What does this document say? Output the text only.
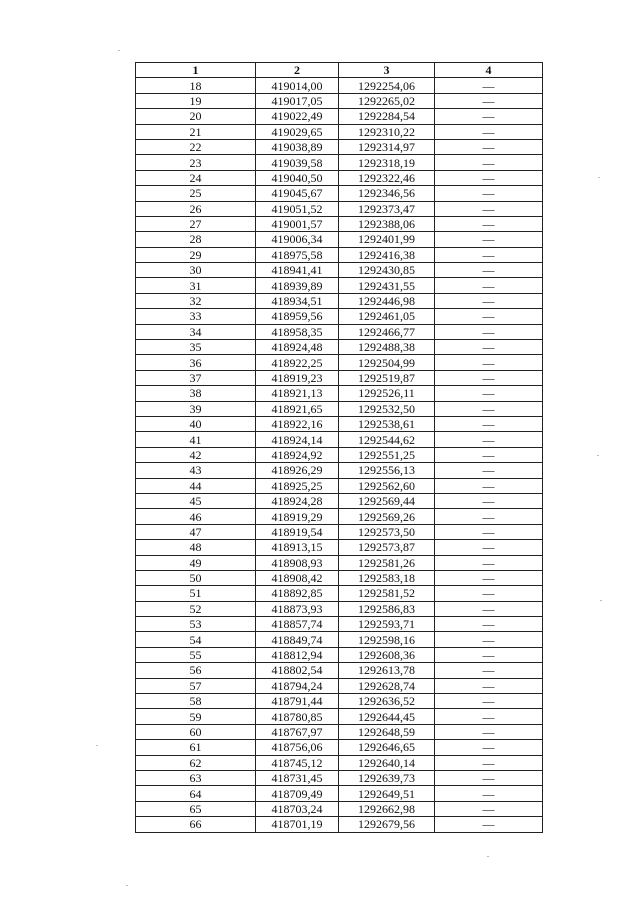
1	2	3	4
18	419014,00	1292254,06	—
19	419017,05	1292265,02	—
20	419022,49	1292284,54	—
21	419029,65	1292310,22	—
22	419038,89	1292314,97	—
23	419039,58	1292318,19	—
24	419040,50	1292322,46	—
25	419045,67	1292346,56	—
26	419051,52	1292373,47	—
27	419001,57	1292388,06	—
28	419006,34	1292401,99	—
29	418975,58	1292416,38	—
30	418941,41	1292430,85	—
31	418939,89	1292431,55	—
32	418934,51	1292446,98	—
33	418959,56	1292461,05	—
34	418958,35	1292466,77	—
35	418924,48	1292488,38	—
36	418922,25	1292504,99	—
37	418919,23	1292519,87	—
38	418921,13	1292526,11	—
39	418921,65	1292532,50	—
40	418922,16	1292538,61	—
41	418924,14	1292544,62	—
42	418924,92	1292551,25	—
43	418926,29	1292556,13	—
44	418925,25	1292562,60	—
45	418924,28	1292569,44	—
46	418919,29	1292569,26	—
47	418919,54	1292573,50	—
48	418913,15	1292573,87	—
49	418908,93	1292581,26	—
50	418908,42	1292583,18	—
51	418892,85	1292581,52	—
52	418873,93	1292586,83	—
53	418857,74	1292593,71	—
54	418849,74	1292598,16	—
55	418812,94	1292608,36	—
56	418802,54	1292613,78	—
57	418794,24	1292628,74	—
58	418791,44	1292636,52	—
59	418780,85	1292644,45	—
60	418767,97	1292648,59	—
61	418756,06	1292646,65	—
62	418745,12	1292640,14	—
63	418731,45	1292639,73	—
64	418709,49	1292649,51	—
65	418703,24	1292662,98	—
66	418701,19	1292679,56	—
